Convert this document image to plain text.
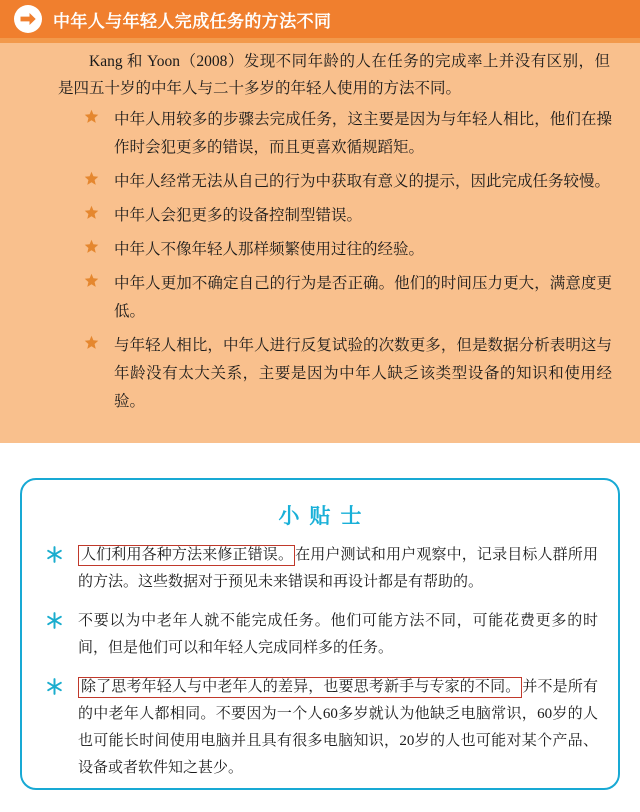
中年人与年轻人完成任务的方法不同

Kang 和 Yoon（2008）发现不同年龄的人在任务的完成率上并没有区别，但是四五十岁的中年人与二十多岁的年轻人使用的方法不同。

中年人用较多的步骤去完成任务，这主要是因为与年轻人相比，他们在操作时会犯更多的错误，而且更喜欢循规蹈矩。
中年人经常无法从自己的行为中获取有意义的提示，因此完成任务较慢。
中年人会犯更多的设备控制型错误。
中年人不像年轻人那样频繁使用过往的经验。
中年人更加不确定自己的行为是否正确。他们的时间压力更大，满意度更低。
与年轻人相比，中年人进行反复试验的次数更多，但是数据分析表明这与年龄没有太大关系，主要是因为中年人缺乏该类型设备的知识和使用经验。
小贴士
人们利用各种方法来修正错误。 在用户测试和用户观察中，记录目标人群所用的方法。这些数据对于预见未来错误和再设计都是有帮助的。
不要以为中老年人就不能完成任务。他们可能方法不同，可能花费更多的时间，但是他们可以和年轻人完成同样多的任务。
除了思考年轻人与中老年人的差异，也要思考新手与专家的不同。 并不是所有的中老年人都相同。不要因为一个人60多岁就认为他缺乏电脑常识，60岁的人也可能长时间使用电脑并且具有很多电脑知识，20岁的人也可能对某个产品、设备或者软件知之甚少。
